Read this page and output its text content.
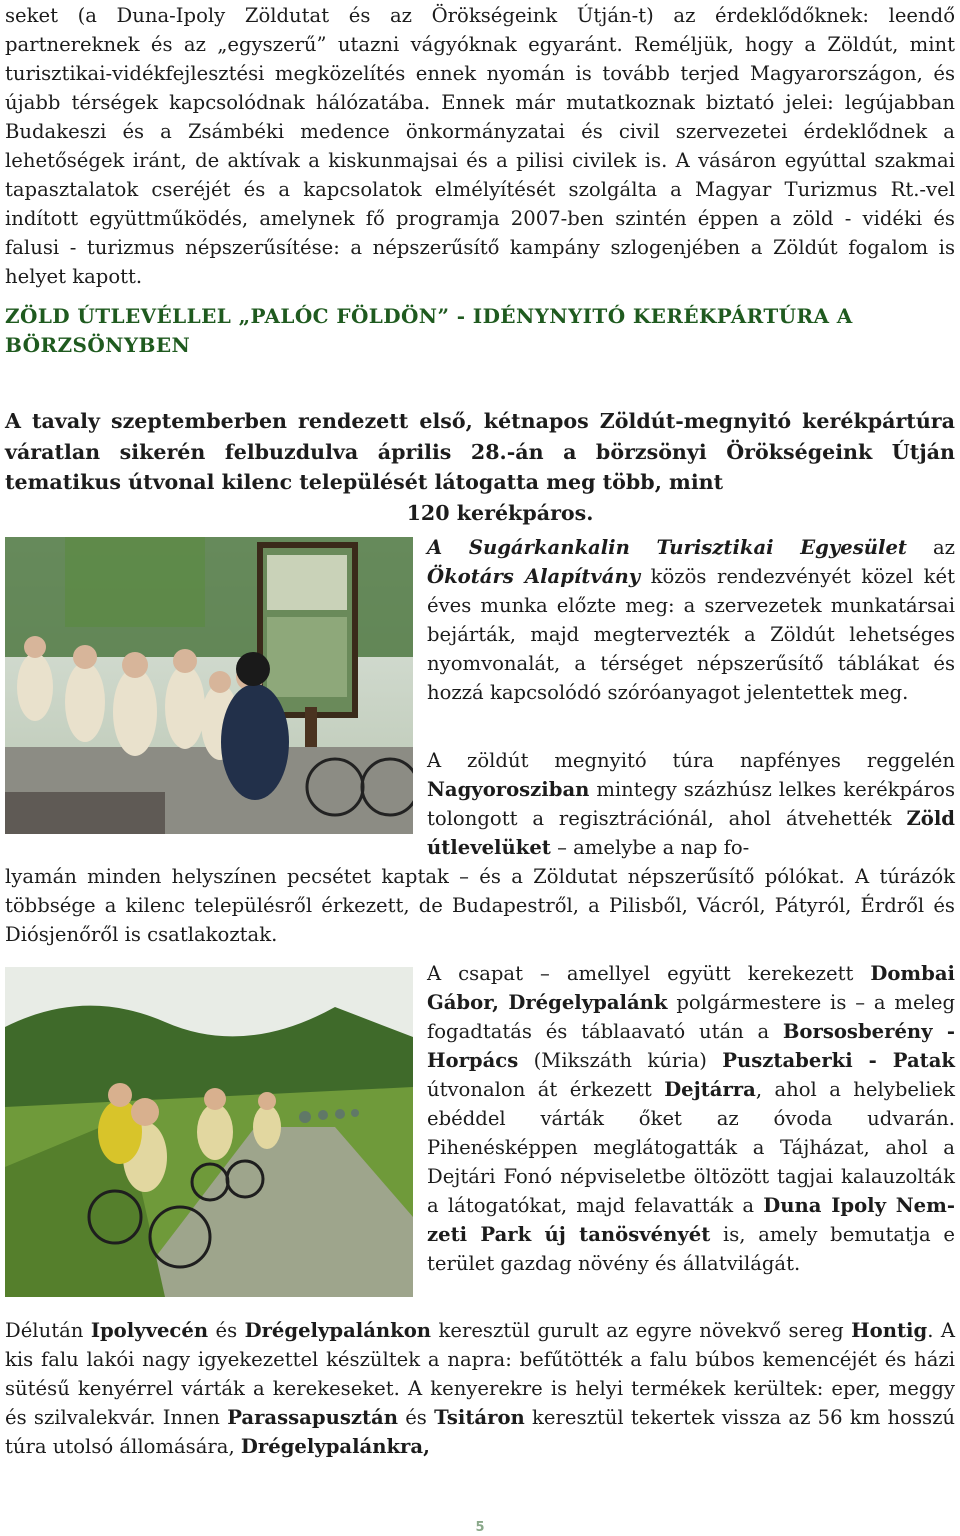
seket (a Duna-Ipoly Zöldutat és az Örökségeink Útján-t) az érdeklődőknek: leendő partnereknek és az „egyszerű” utazni vágyóknak egyaránt. Reméljük, hogy a Zöldút, mint turisztikai-vidékfejlesztési megközelítés ennek nyomán is tovább terjed Magyarországon, és újabb térségek kapcsolódnak hálózatába. Ennek már mutatkoznak biztató jelei: legújabban Budakeszi és a Zsámbéki medence önkormányzatai és civil szervezetei érdeklődnek a lehetőségek iránt, de aktívak a kiskunmajsai és a pilisi civilek is. A vásáron egyúttal szakmai tapasztalatok cseréjét és a kapcsolatok elmélyítését szolgálta a Magyar Turizmus Rt.-vel indított együttműködés, amelynek fő programja 2007-ben szintén éppen a zöld - vidéki és falusi - turizmus népszerűsítése: a népszerűsítő kampány szlogenjében a Zöldút fogalom is helyet kapott.

ZÖLD ÚTLEVÉLLEL „PALÓC FÖLDÖN” - IDÉNYNYITÓ KERÉKPÁRTÚRA A
BÖRZSÖNYBEN

A tavaly szeptemberben rendezett első, kétnapos Zöldút-megnyitó kerékpártúra váratlan sikerén felbuzdulva április 28.-án a börzsönyi Örökségeink Útján tematikus útvonal kilenc települését látogatta meg több, mint
120 kerékpáros.

A Sugárkankalin Turisztikai Egyesület az Ökotárs Alapítvány közös rendezvényét közel két éves munka előzte meg: a szervezetek munkatársai bejárták, majd megtervezték a Zöldút lehetséges nyomvonalát, a térséget népszerűsítő táblákat és hozzá kapcsolódó szóróanyagot jelentettek meg.

A zöldút megnyitó túra napfényes reggelén Nagyorosziban mintegy százhúsz lelkes kerékpáros tolongott a regisztrációnál, ahol átvehették Zöld útlevelüket – amelybe a nap fo-

lyamán minden helyszínen pecsétet kaptak – és a Zöldutat népszerűsítő pólókat. A túrázók többsége a kilenc településről érkezett, de Budapestről, a Pilisből, Vácról, Pátyról, Érdről és Diósjenőről is csatlakoztak.

A csapat – amellyel együtt kerekezett Dombai Gábor, Drégelypalánk polgármestere is – a meleg fogadtatás és táblaavató után a Borsosberény - Horpács (Mikszáth kúria) Pusztaberki - Patak útvonalon át érkezett Dejtárra, ahol a helybeliek ebéddel várták őket az óvoda udvarán. Pihenésképpen meglátogatták a Tájházat, ahol a Dejtári Fonó népviseletbe öltözött tagjai kalauzolták a látogatókat, majd felavatták a Duna Ipoly Nemzeti Park új tanösvényét is, amely bemutatja e terület gazdag növény és állatvilágát.

Délután Ipolyvecén és Drégelypalánkon keresztül gurult az egyre növekvő sereg Hontig. A kis falu lakói nagy igyekezettel készültek a napra: befűtötték a falu búbos kemencéjét és házi sütésű kenyérrel várták a kerekeseket. A kenyerekre is helyi termékek kerültek: eper, meggy és szilvalekvár. Innen Parassapusztán és Tsitáron keresztül tekertek vissza az 56 km hosszú túra utolsó állomására, Drégelypalánkra,

5
